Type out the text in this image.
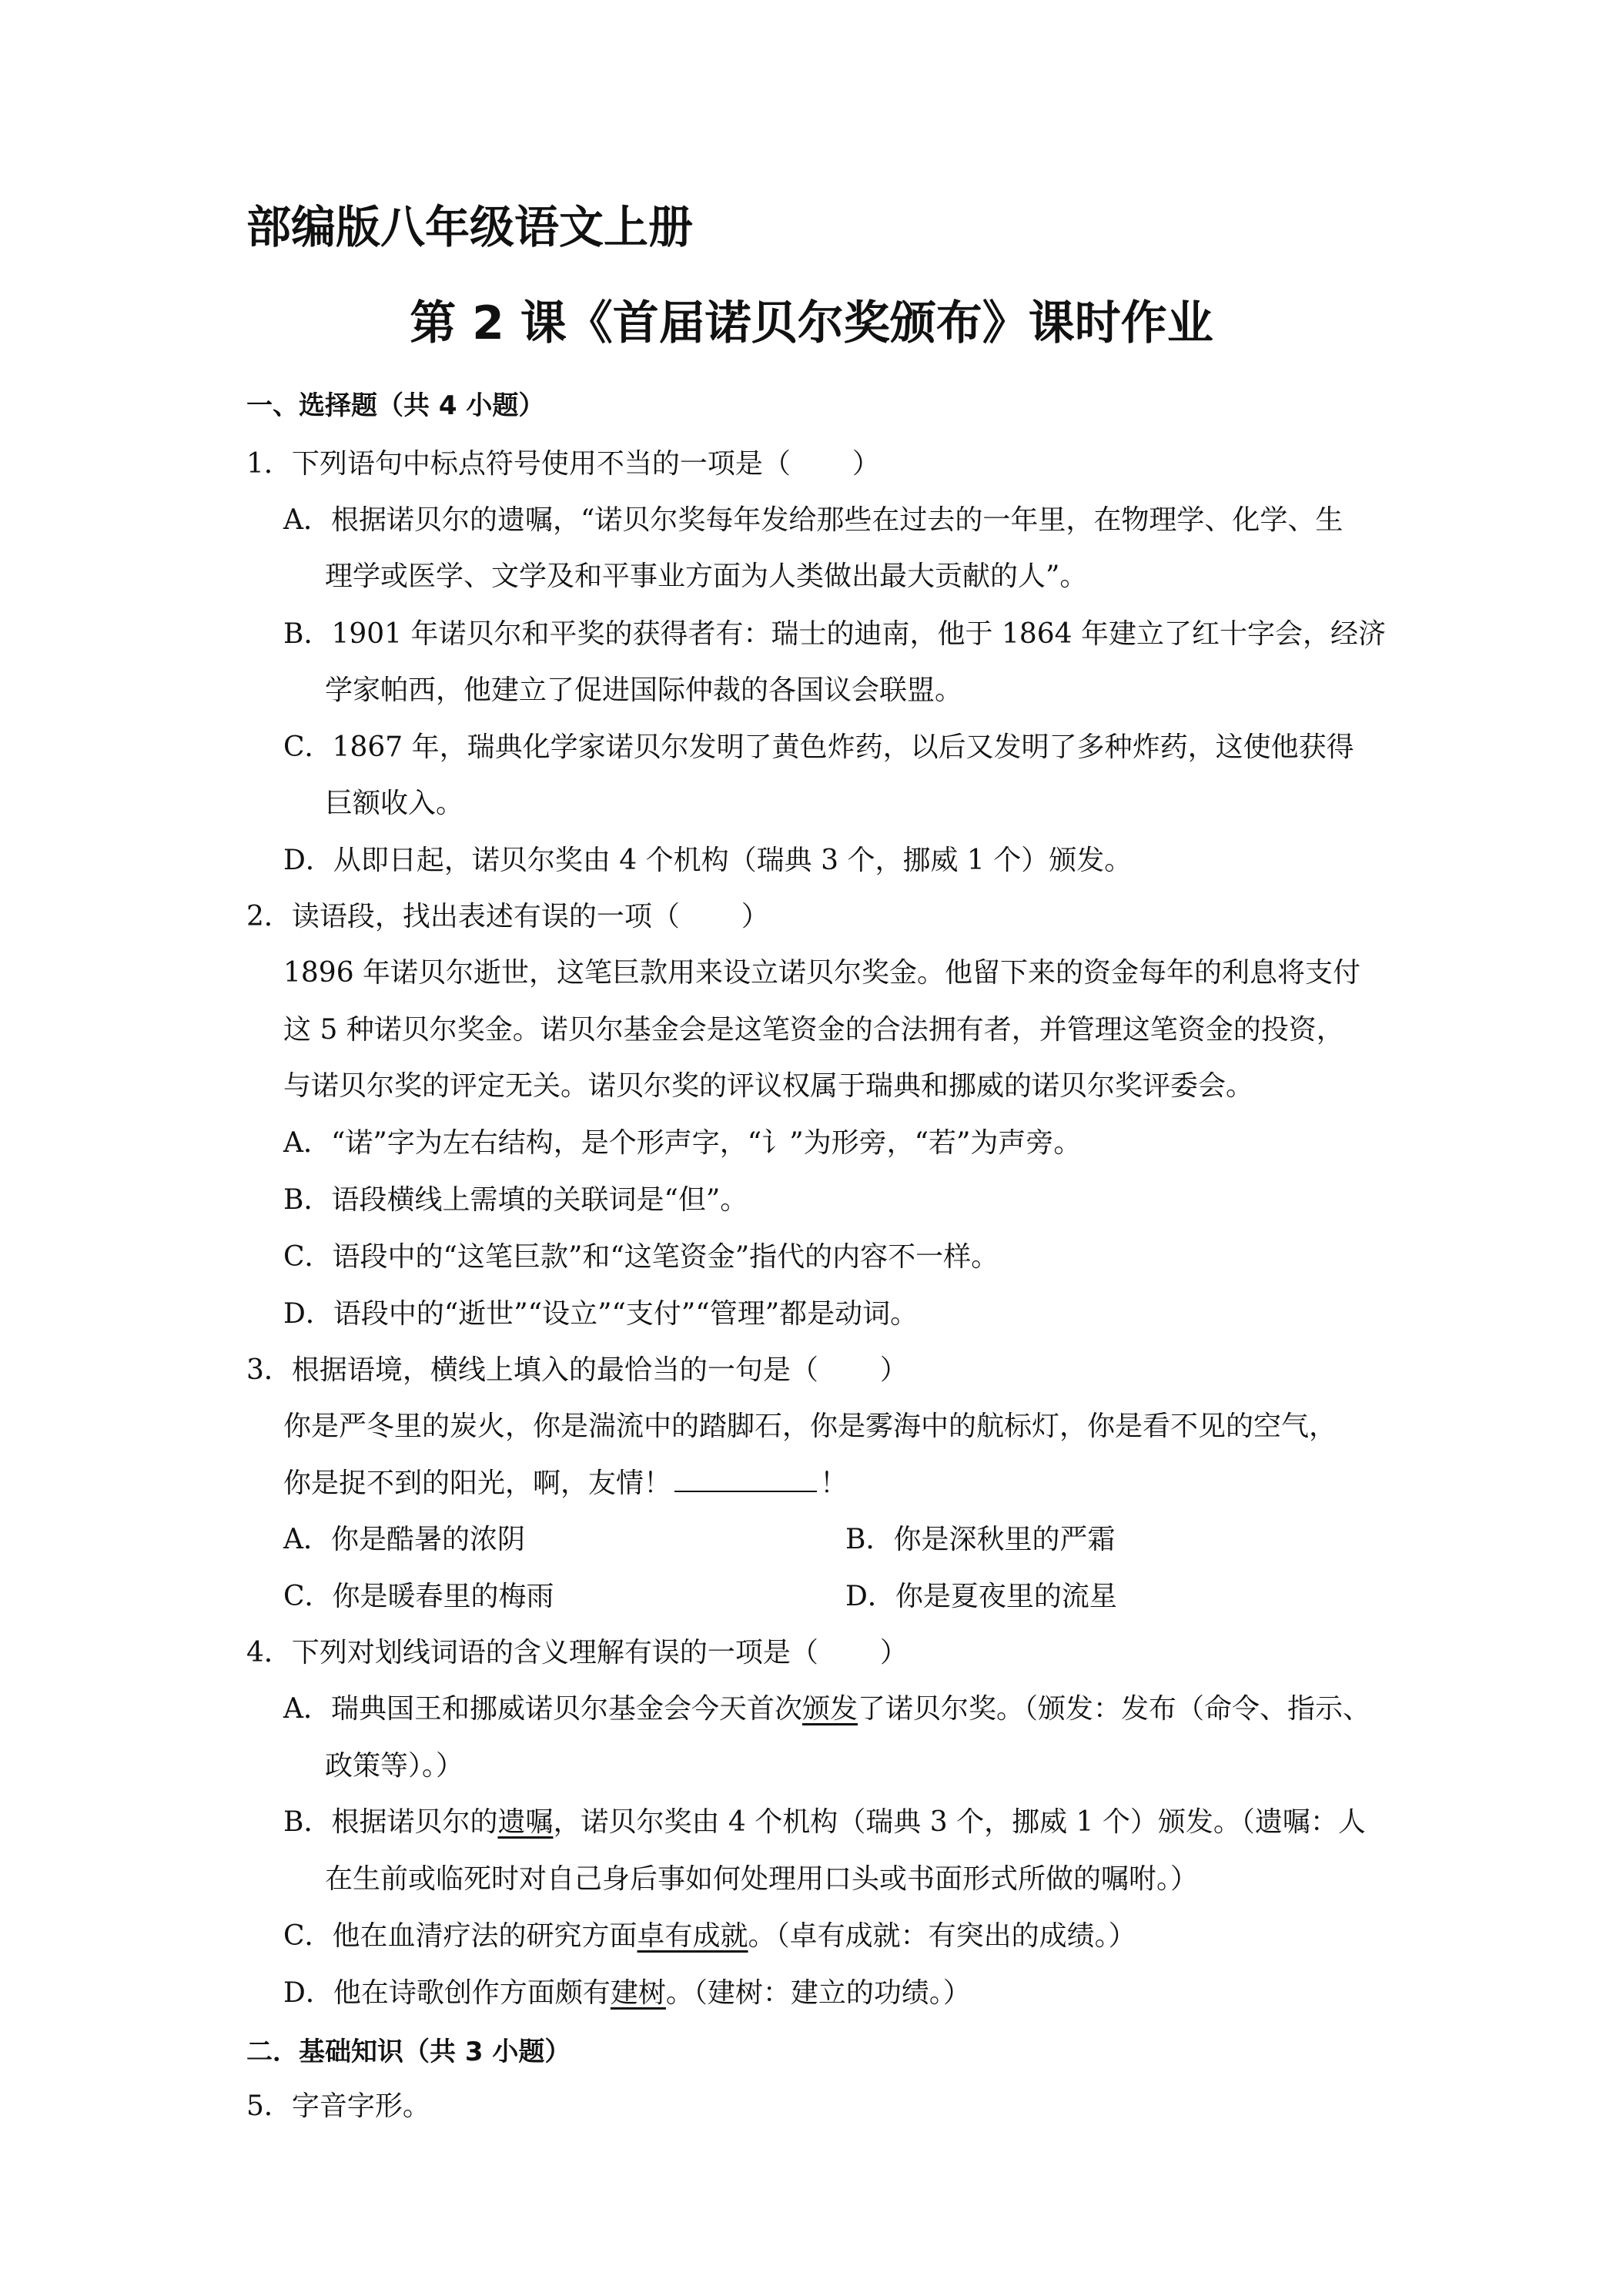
部编版八年级语文上册
第 2 课《首届诺贝尔奖颁布》课时作业
一、选择题（共 4 小题）
1．下列语句中标点符号使用不当的一项是（ ）
A．根据诺贝尔的遗嘱，“诺贝尔奖每年发给那些在过去的一年里，在物理学、化学、生
理学或医学、文学及和平事业方面为人类做出最大贡献的人”。
B．1901 年诺贝尔和平奖的获得者有：瑞士的迪南，他于 1864 年建立了红十字会，经济
学家帕西，他建立了促进国际仲裁的各国议会联盟。
C．1867 年，瑞典化学家诺贝尔发明了黄色炸药，以后又发明了多种炸药，这使他获得
巨额收入。
D．从即日起，诺贝尔奖由 4 个机构（瑞典 3 个，挪威 1 个）颁发。
2．读语段，找出表述有误的一项（ ）
1896 年诺贝尔逝世，这笔巨款用来设立诺贝尔奖金。他留下来的资金每年的利息将支付
这 5 种诺贝尔奖金。诺贝尔基金会是这笔资金的合法拥有者，并管理这笔资金的投资，
与诺贝尔奖的评定无关。诺贝尔奖的评议权属于瑞典和挪威的诺贝尔奖评委会。
A．“诺”字为左右结构，是个形声字，“讠”为形旁，“若”为声旁。
B．语段横线上需填的关联词是“但”。
C．语段中的“这笔巨款”和“这笔资金”指代的内容不一样。
D．语段中的“逝世”“设立”“支付”“管理”都是动词。
3．根据语境，横线上填入的最恰当的一句是（ ）
你是严冬里的炭火，你是湍流中的踏脚石，你是雾海中的航标灯，你是看不见的空气，
你是捉不到的阳光，啊，友情！	！
A．你是酷暑的浓阴	B．你是深秋里的严霜
C．你是暖春里的梅雨	D．你是夏夜里的流星
4．下列对划线词语的含义理解有误的一项是（ ）
A．瑞典国王和挪威诺贝尔基金会今天首次颁发了诺贝尔奖。（颁发：发布（命令、指示、
政策等）。）
B．根据诺贝尔的遗嘱，诺贝尔奖由 4 个机构（瑞典 3 个，挪威 1 个）颁发。（遗嘱：人
在生前或临死时对自己身后事如何处理用口头或书面形式所做的嘱咐。）
C．他在血清疗法的研究方面卓有成就。（卓有成就：有突出的成绩。）
D．他在诗歌创作方面颇有建树。（建树：建立的功绩。）
二．基础知识（共 3 小题）
5．字音字形。
